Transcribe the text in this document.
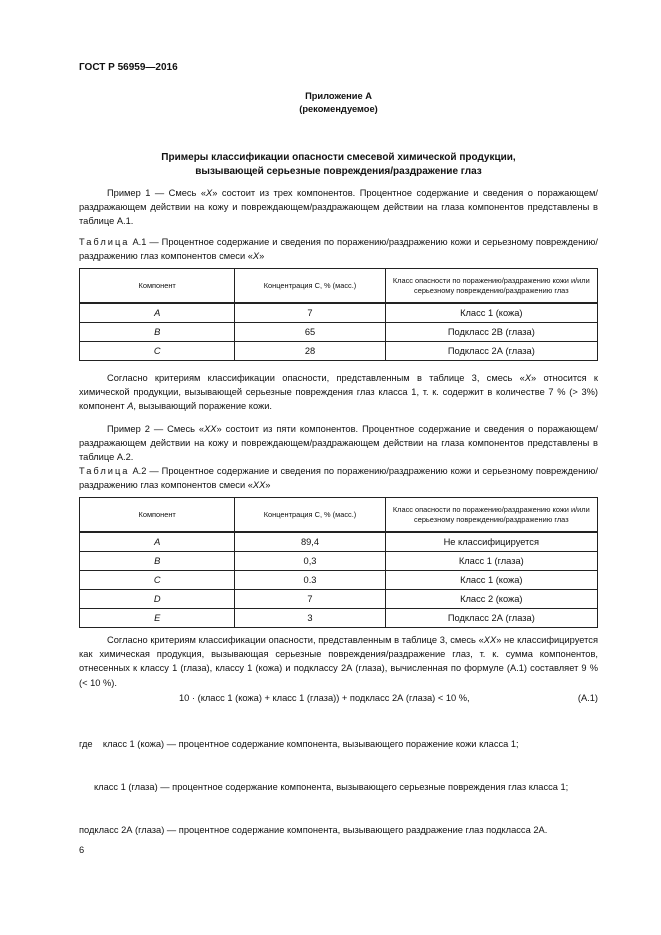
ГОСТ Р 56959—2016
Приложение А
(рекомендуемое)
Примеры классификации опасности смесевой химической продукции,
вызывающей серьезные повреждения/раздражение глаз
Пример 1 — Смесь «X» состоит из трех компонентов. Процентное содержание и сведения о поражающем/раздражающем действии на кожу и повреждающем/раздражающем действии на глаза компонентов представлены в таблице А.1.
Таблица А.1 — Процентное содержание и сведения по поражению/раздражению кожи и серьезному повреждению/раздражению глаз компонентов смеси «X»
Компонент	Концентрация С, % (масс.)	Класс опасности по поражению/раздражению кожи и/или серьезному повреждению/раздражению глаз
A	7	Класс 1 (кожа)
B	65	Подкласс 2В (глаза)
C	28	Подкласс 2А (глаза)
Согласно критериям классификации опасности, представленным в таблице 3, смесь «X» относится к химической продукции, вызывающей серьезные повреждения глаз класса 1, т. к. содержит в количестве 7 % (> 3%) компонент A, вызывающий поражение кожи.
Пример 2 — Смесь «XX» состоит из пяти компонентов. Процентное содержание и сведения о поражающем/раздражающем действии на кожу и повреждающем/раздражающем действии на глаза компонентов представлены в таблице А.2.
Таблица А.2 — Процентное содержание и сведения по поражению/раздражению кожи и серьезному повреждению/раздражению глаз компонентов смеси «XX»
Компонент	Концентрация С, % (масс.)	Класс опасности по поражению/раздражению кожи и/или серьезному повреждению/раздражению глаз
A	89,4	Не классифицируется
B	0,3	Класс 1 (глаза)
C	0.3	Класс 1 (кожа)
D	7	Класс 2 (кожа)
E	3	Подкласс 2А (глаза)
Согласно критериям классификации опасности, представленным в таблице 3, смесь «XX» не классифицируется как химическая продукция, вызывающая серьезные повреждения/раздражение глаз, т. к. сумма компонентов, отнесенных к классу 1 (глаза), классу 1 (кожа) и подклассу 2А (глаза), вычисленная по формуле (А.1) составляет 9 % (< 10 %).
10 · (класс 1 (кожа) + класс 1 (глаза)) + подкласс 2А (глаза) < 10 %,	(А.1)

где    класс 1 (кожа) — процентное содержание компонента, вызывающего поражение кожи класса 1;

класс 1 (глаза) — процентное содержание компонента, вызывающего серьезные повреждения глаз класса 1;

подкласс 2А (глаза) — процентное содержание компонента, вызывающего раздражение глаз подкласса 2А.

6
